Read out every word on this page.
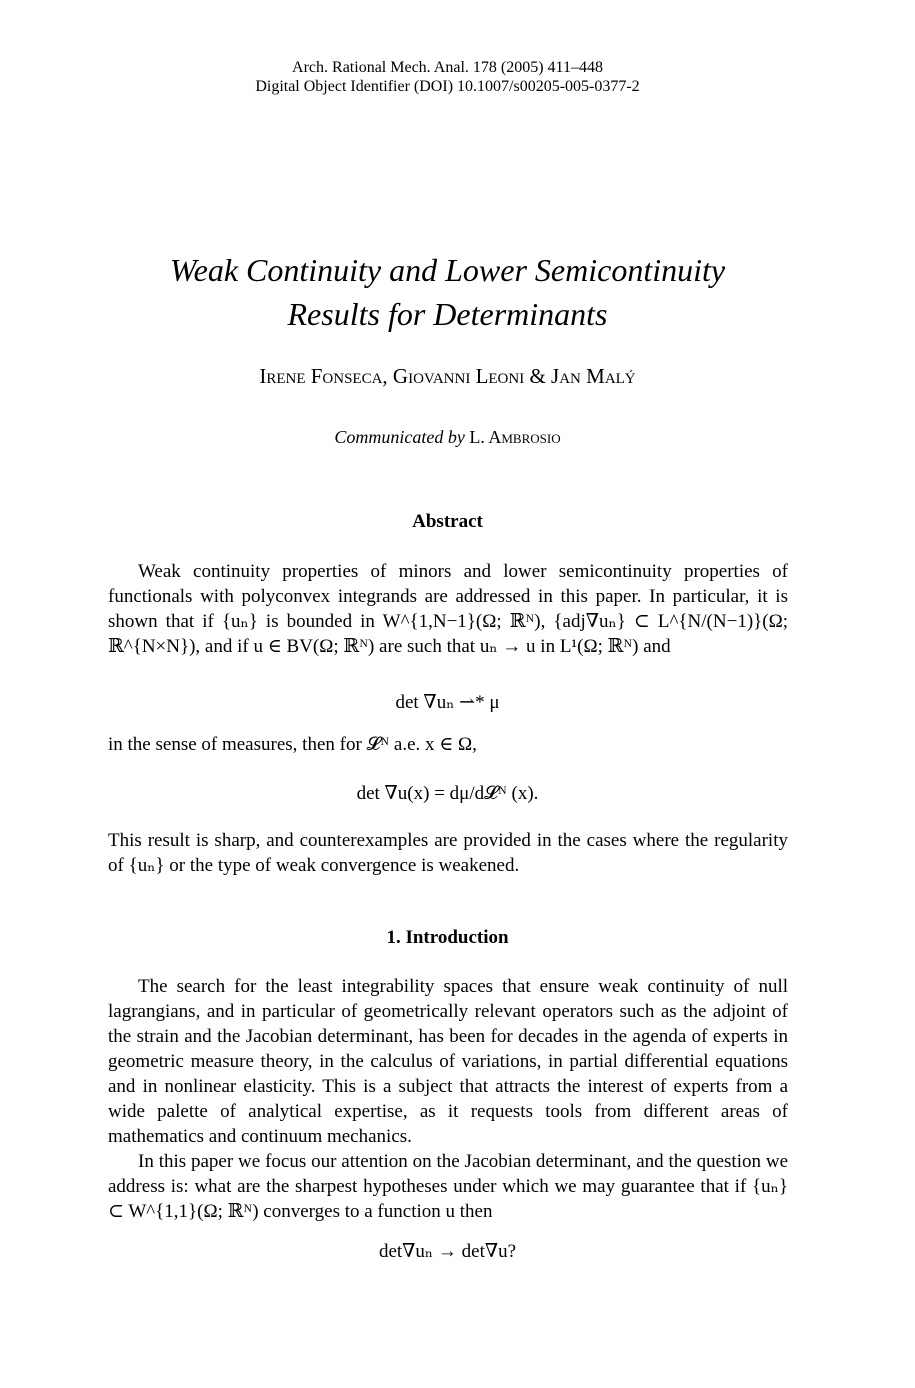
Arch. Rational Mech. Anal. 178 (2005) 411–448
Digital Object Identifier (DOI) 10.1007/s00205-005-0377-2
Weak Continuity and Lower Semicontinuity
Results for Determinants
Irene Fonseca, Giovanni Leoni & Jan Malý
Communicated by L. Ambrosio
Abstract

Weak continuity properties of minors and lower semicontinuity properties of functionals with polyconvex integrands are addressed in this paper. In particular, it is shown that if {uₙ} is bounded in W^{1,N−1}(Ω; ℝᴺ), {adj∇uₙ} ⊂ L^{N/(N−1)}(Ω; ℝ^{N×N}), and if u ∈ BV(Ω; ℝᴺ) are such that uₙ → u in L¹(Ω; ℝᴺ) and

det ∇uₙ ⇀* μ

in the sense of measures, then for 𝓛ᴺ a.e. x ∈ Ω,

det ∇u(x) = dμ/d𝓛ᴺ (x).

This result is sharp, and counterexamples are provided in the cases where the regularity of {uₙ} or the type of weak convergence is weakened.

1. Introduction

The search for the least integrability spaces that ensure weak continuity of null lagrangians, and in particular of geometrically relevant operators such as the adjoint of the strain and the Jacobian determinant, has been for decades in the agenda of experts in geometric measure theory, in the calculus of variations, in partial differential equations and in nonlinear elasticity. This is a subject that attracts the interest of experts from a wide palette of analytical expertise, as it requests tools from different areas of mathematics and continuum mechanics.

In this paper we focus our attention on the Jacobian determinant, and the question we address is: what are the sharpest hypotheses under which we may guarantee that if {uₙ} ⊂ W^{1,1}(Ω; ℝᴺ) converges to a function u then

det∇uₙ → det∇u?
